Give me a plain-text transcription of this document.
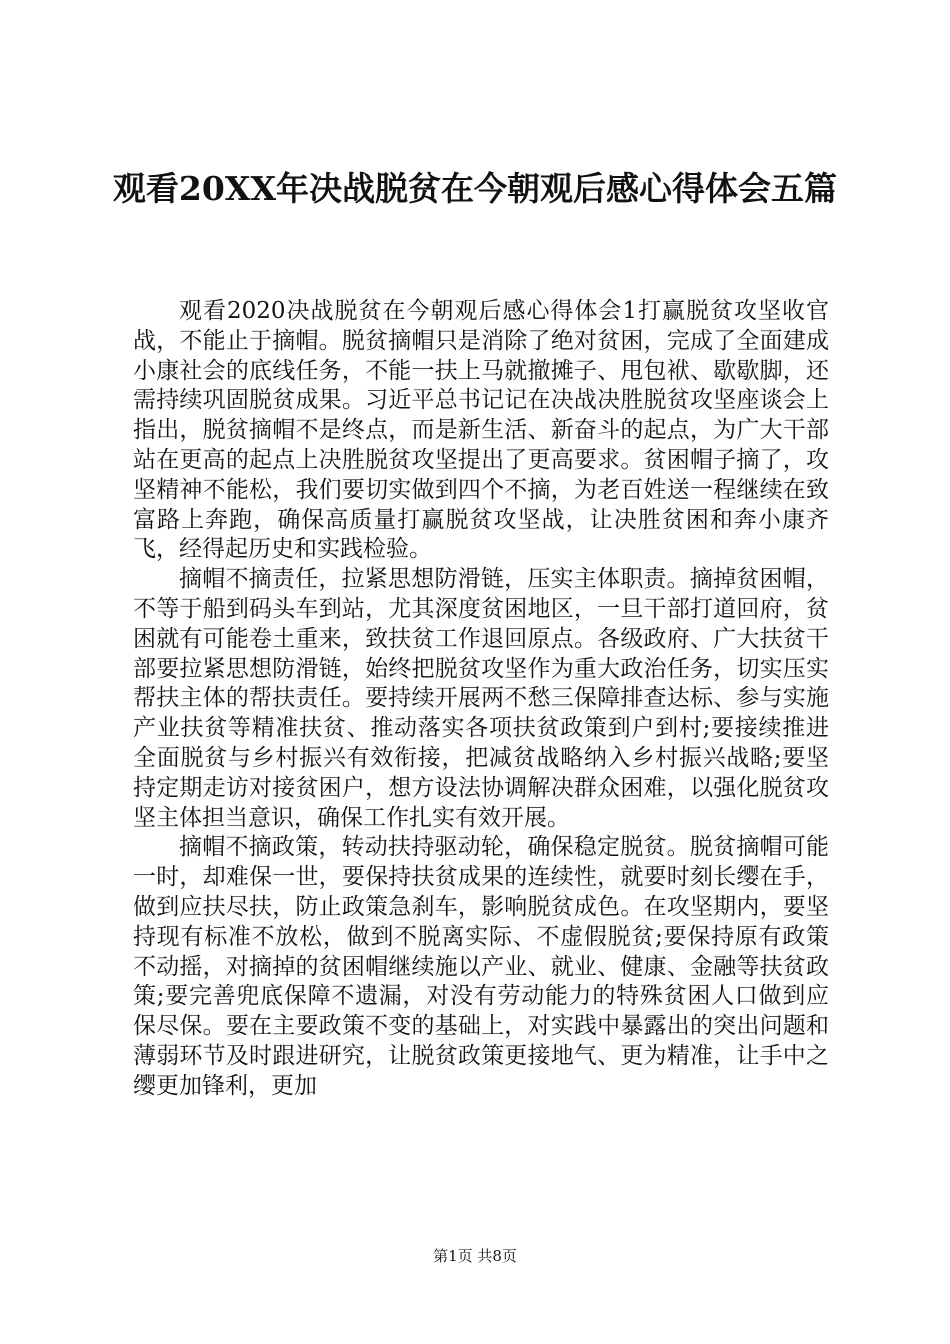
观看20XX年决战脱贫在今朝观后感心得体会五篇

观看2020决战脱贫在今朝观后感心得体会1打赢脱贫攻坚收官战，不能止于摘帽。脱贫摘帽只是消除了绝对贫困，完成了全面建成小康社会的底线任务，不能一扶上马就撤摊子、甩包袱、歇歇脚，还需持续巩固脱贫成果。习近平总书记记在决战决胜脱贫攻坚座谈会上指出，脱贫摘帽不是终点，而是新生活、新奋斗的起点，为广大干部站在更高的起点上决胜脱贫攻坚提出了更高要求。贫困帽子摘了，攻坚精神不能松，我们要切实做到四个不摘，为老百姓送一程继续在致富路上奔跑，确保高质量打赢脱贫攻坚战，让决胜贫困和奔小康齐飞，经得起历史和实践检验。

摘帽不摘责任，拉紧思想防滑链，压实主体职责。摘掉贫困帽，不等于船到码头车到站，尤其深度贫困地区，一旦干部打道回府，贫困就有可能卷土重来，致扶贫工作退回原点。各级政府、广大扶贫干部要拉紧思想防滑链，始终把脱贫攻坚作为重大政治任务，切实压实帮扶主体的帮扶责任。要持续开展两不愁三保障排查达标、参与实施产业扶贫等精准扶贫、推动落实各项扶贫政策到户到村;要接续推进全面脱贫与乡村振兴有效衔接，把减贫战略纳入乡村振兴战略;要坚持定期走访对接贫困户，想方设法协调解决群众困难，以强化脱贫攻坚主体担当意识，确保工作扎实有效开展。

摘帽不摘政策，转动扶持驱动轮，确保稳定脱贫。脱贫摘帽可能一时，却难保一世，要保持扶贫成果的连续性，就要时刻长缨在手，做到应扶尽扶，防止政策急刹车，影响脱贫成色。在攻坚期内，要坚持现有标准不放松，做到不脱离实际、不虚假脱贫;要保持原有政策不动摇，对摘掉的贫困帽继续施以产业、就业、健康、金融等扶贫政策;要完善兜底保障不遗漏，对没有劳动能力的特殊贫困人口做到应保尽保。要在主要政策不变的基础上，对实践中暴露出的突出问题和薄弱环节及时跟进研究，让脱贫政策更接地气、更为精准，让手中之缨更加锋利，更加

第1页 共8页
